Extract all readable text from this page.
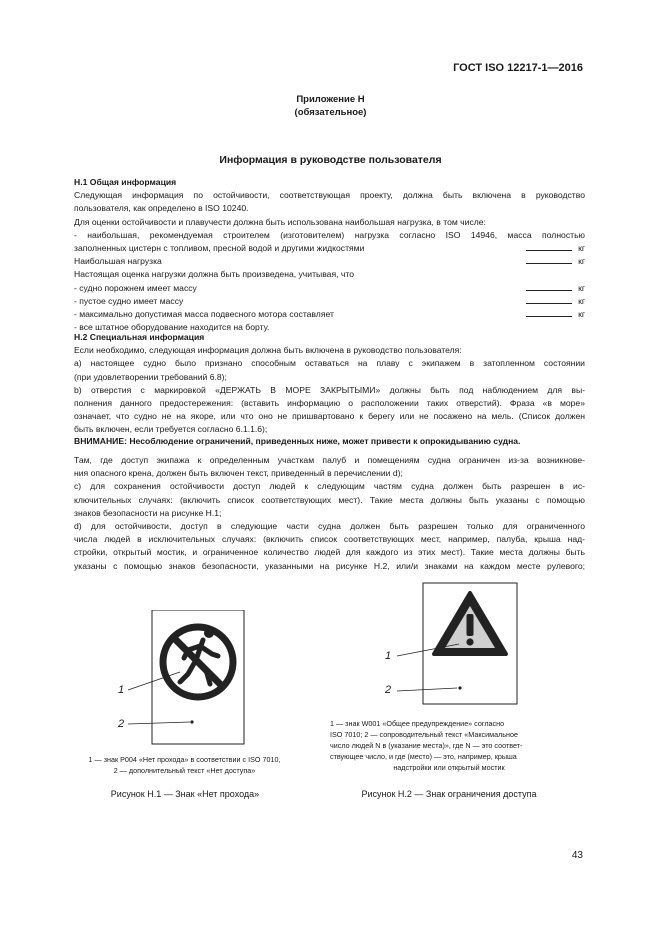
ГОСТ ISO 12217-1—2016
Приложение Н
(обязательное)
Информация в руководстве пользователя
Н.1 Общая информация
Следующая информация по остойчивости, соответствующая проекту, должна быть включена в руководство
пользователя, как определено в ISO 10240.
Для оценки остойчивости и плавучести должна быть использована наибольшая нагрузка, в том числе:
- наибольшая, рекомендуемая строителем (изготовителем) нагрузка согласно ISO 14946, масса полностью
заполненных цистерн с топливом, пресной водой и другими жидкостями	кг
Наибольшая нагрузка	кг
Настоящая оценка нагрузки должна быть произведена, учитывая, что
- судно порожнем имеет массу	кг
- пустое судно имеет массу	кг
- максимально допустимая масса подвесного мотора составляет	кг
- все штатное оборудование находится на борту.
Н.2 Специальная информация
Если необходимо, следующая информация должна быть включена в руководство пользователя:
а) настоящее судно было признано способным оставаться на плаву с экипажем в затопленном состоянии
(при удовлетворении требований 6.8);
b) отверстия с маркировкой «ДЕРЖАТЬ В МОРЕ ЗАКРЫТЫМИ» должны быть под наблюдением для вы-
полнения данного предостережения: (вставить информацию о расположении таких отверстий). Фраза «в море»
означает, что судно не на якоре, или что оно не пришвартовано к берегу или не посажено на мель. (Список должен
быть включен, если требуется согласно 6.1.1.6);
ВНИМАНИЕ: Несоблюдение ограничений, приведенных ниже, может привести к опрокидыванию судна.
Там, где доступ экипажа к определенным участкам палуб и помещениям судна ограничен из-за возникнове-
ния опасного крена, должен быть включен текст, приведенный в перечислении d);
с) для сохранения остойчивости доступ людей к следующим частям судна должен быть разрешен в ис-
ключительных случаях: (включить список соответствующих мест). Такие места должны быть указаны с помощью
знаков безопасности на рисунке Н.1;
d) для остойчивости, доступ в следующие части судна должен быть разрешен только для ограниченного
числа людей в исключительных случаях: (включить список соответствующих мест, например, палуба, крыша над-
стройки, открытый мостик, и ограниченное количество людей для каждого из этих мест). Такие места должны быть
указаны с помощью знаков безопасности, указанными на рисунке Н.2, или/и знаками на каждом месте рулевого;
1
2
1 — знак Р004 «Нет прохода» в соответствии с ISO 7010,
2 — дополнительный текст «Нет доступа»
Рисунок Н.1 — Знак «Нет прохода»
1
2
1 — знак W001 «Общее предупреждение» согласно
ISO 7010; 2 — сопроводительный текст «Максимальное
число людей N в (указание места)», где N — это соответ-
ствующее число, и где (место) — это, например, крыша
надстройки или открытый мостик
Рисунок Н.2 — Знак ограничения доступа
43
